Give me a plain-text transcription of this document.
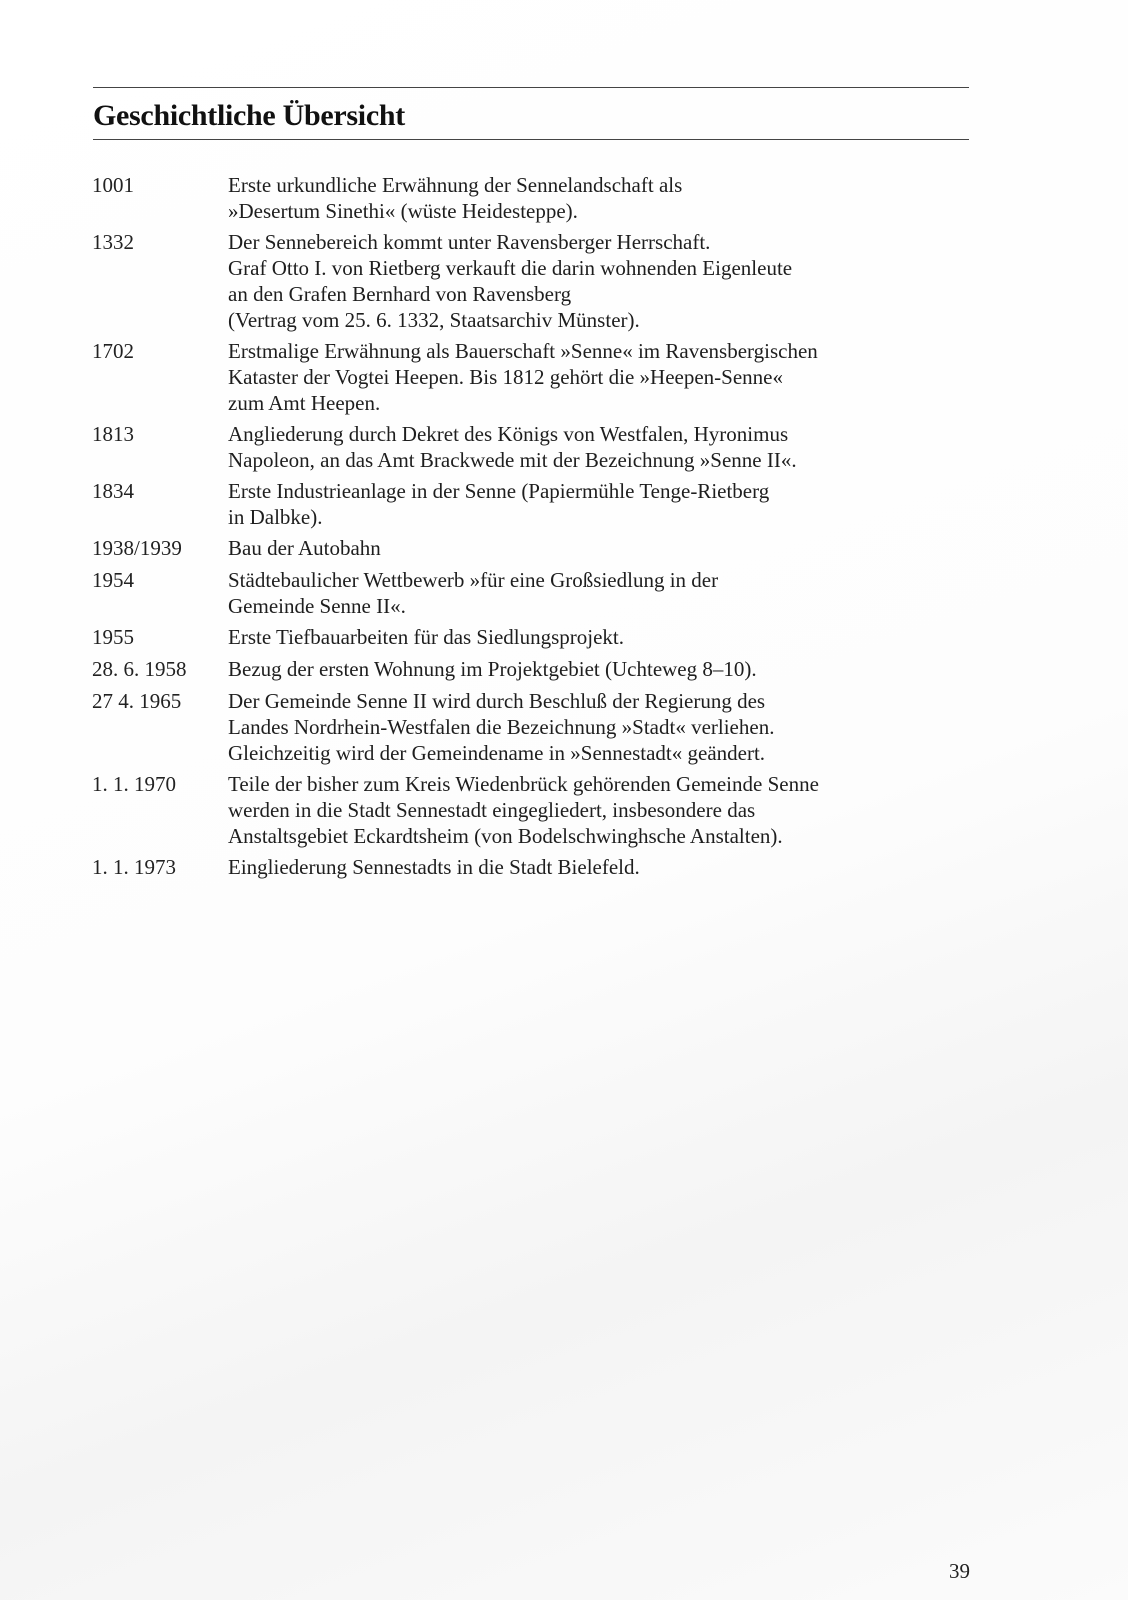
Geschichtliche Übersicht
1001	Erste urkundliche Erwähnung der Sennelandschaft als
»Desertum Sinethi« (wüste Heidesteppe).
1332	Der Sennebereich kommt unter Ravensberger Herrschaft.
Graf Otto I. von Rietberg verkauft die darin wohnenden Eigenleute
an den Grafen Bernhard von Ravensberg
(Vertrag vom 25. 6. 1332, Staatsarchiv Münster).
1702	Erstmalige Erwähnung als Bauerschaft »Senne« im Ravensbergischen
Kataster der Vogtei Heepen. Bis 1812 gehört die »Heepen-Senne«
zum Amt Heepen.
1813	Angliederung durch Dekret des Königs von Westfalen, Hyronimus
Napoleon, an das Amt Brackwede mit der Bezeichnung »Senne II«.
1834	Erste Industrieanlage in der Senne (Papiermühle Tenge-Rietberg
in Dalbke).
1938/1939	Bau der Autobahn
1954	Städtebaulicher Wettbewerb »für eine Großsiedlung in der
Gemeinde Senne II«.
1955	Erste Tiefbauarbeiten für das Siedlungsprojekt.
28. 6. 1958	Bezug der ersten Wohnung im Projektgebiet (Uchteweg 8–10).
27 4. 1965	Der Gemeinde Senne II wird durch Beschluß der Regierung des
Landes Nordrhein-Westfalen die Bezeichnung »Stadt« verliehen.
Gleichzeitig wird der Gemeindename in »Sennestadt« geändert.
1. 1. 1970	Teile der bisher zum Kreis Wiedenbrück gehörenden Gemeinde Senne
werden in die Stadt Sennestadt eingegliedert, insbesondere das
Anstaltsgebiet Eckardtsheim (von Bodelschwinghsche Anstalten).
1. 1. 1973	Eingliederung Sennestadts in die Stadt Bielefeld.
39
